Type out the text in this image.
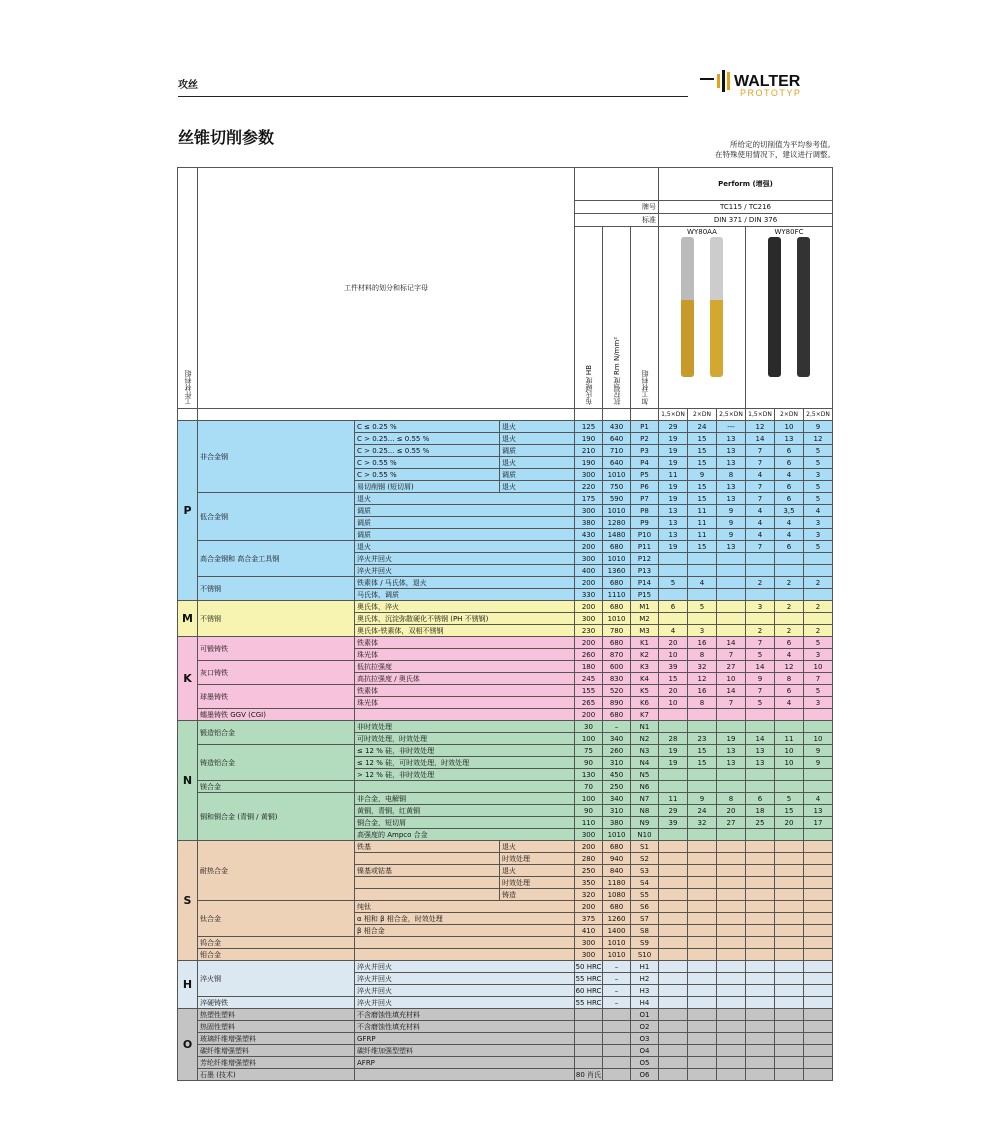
攻丝	WALTER
PROTOTYP
丝锥切削参数	所给定的切削值为平均参考值。
在特殊使用情况下，建议进行调整。
工件材料组	工件材料的划分和标记字母						Perform (增强)					
				牌号			TC115 / TC216					
				标准			DIN 371 / DIN 376					
				布氏硬度 HB	抗拉强度 Rm N/mm²	加工材料组	WY80AA			WY80FC		

							1,5×DN	2×DN	2,5×DN	1,5×DN	2×DN	2,5×DN
P	非合金钢	C ≤ 0.25 %	退火	125	430	P1	29	24	---	12	10	9
		C > 0.25... ≤ 0.55 %	退火	190	640	P2	19	15	13	14	13	12
		C > 0.25... ≤ 0.55 %	调质	210	710	P3	19	15	13	7	6	5
		C > 0.55 %	退火	190	640	P4	19	15	13	7	6	5
		C > 0.55 %	调质	300	1010	P5	11	9	8	4	4	3
		易切削钢 (短切屑)	退火	220	750	P6	19	15	13	7	6	5
	低合金钢	退火		175	590	P7	19	15	13	7	6	5
		调质		300	1010	P8	13	11	9	4	3,5	4
		调质		380	1280	P9	13	11	9	4	4	3
		调质		430	1480	P10	13	11	9	4	4	3
	高合金钢和 高合金工具钢	退火		200	680	P11	19	15	13	7	6	5
		淬火并回火		300	1010	P12						
		淬火并回火		400	1360	P13						
	不锈钢	铁素体 / 马氏体，退火		200	680	P14	5	4		2	2	2
		马氏体，调质		330	1110	P15						
M	不锈钢	奥氏体，淬火		200	680	M1	6	5		3	2	2
		奥氏体，沉淀弥散硬化不锈钢 (PH 不锈钢)		300	1010	M2						
		奥氏体-铁素体，双相不锈钢		230	780	M3	4	3		2	2	2
K	可锻铸铁	铁素体		200	680	K1	20	16	14	7	6	5
		珠光体		260	870	K2	10	8	7	5	4	3
	灰口铸铁	低抗拉强度		180	600	K3	39	32	27	14	12	10
		高抗拉强度 / 奥氏体		245	830	K4	15	12	10	9	8	7
	球墨铸铁	铁素体		155	520	K5	20	16	14	7	6	5
		珠光体		265	890	K6	10	8	7	5	4	3
	蠕墨铸铁 GGV (CGI)			200	680	K7						
N	锻造铝合金	非时效处理		30	–	N1						
		可时效处理，时效处理		100	340	N2	28	23	19	14	11	10
	铸造铝合金	≤ 12 % 硅，非时效处理		75	260	N3	19	15	13	13	10	9
		≤ 12 % 硅，可时效处理，时效处理		90	310	N4	19	15	13	13	10	9
		> 12 % 硅，非时效处理		130	450	N5						
	镁合金			70	250	N6						
	铜和铜合金 (青铜 / 黄铜)	非合金，电解铜		100	340	N7	11	9	8	6	5	4
		黄铜，青铜，红黄铜		90	310	N8	29	24	20	18	15	13
		铜合金，短切屑		110	380	N9	39	32	27	25	20	17
		高强度的 Ampco 合金		300	1010	N10						
S	耐热合金	铁基	退火	200	680	S1						
			时效处理	280	940	S2						
		镍基或钴基	退火	250	840	S3						
			时效处理	350	1180	S4						
			铸造	320	1080	S5						
	钛合金	纯钛		200	680	S6						
		α 相和 β 相合金，时效处理		375	1260	S7						
		β 相合金		410	1400	S8						
	钨合金			300	1010	S9						
	钼合金			300	1010	S10						
H	淬火钢	淬火并回火		50 HRC	–	H1						
		淬火并回火		55 HRC	–	H2						
		淬火并回火		60 HRC	–	H3						
	淬硬铸铁	淬火并回火		55 HRC	–	H4						
O	热塑性塑料	不含磨蚀性填充材料				O1						
	热固性塑料	不含磨蚀性填充材料				O2						
	玻璃纤维增强塑料	GFRP				O3						
	碳纤维增强塑料	碳纤维加强型塑料				O4						
	芳纶纤维增强塑料	AFRP				O5						
	石墨 (技术)			80 肖氏		O6						
